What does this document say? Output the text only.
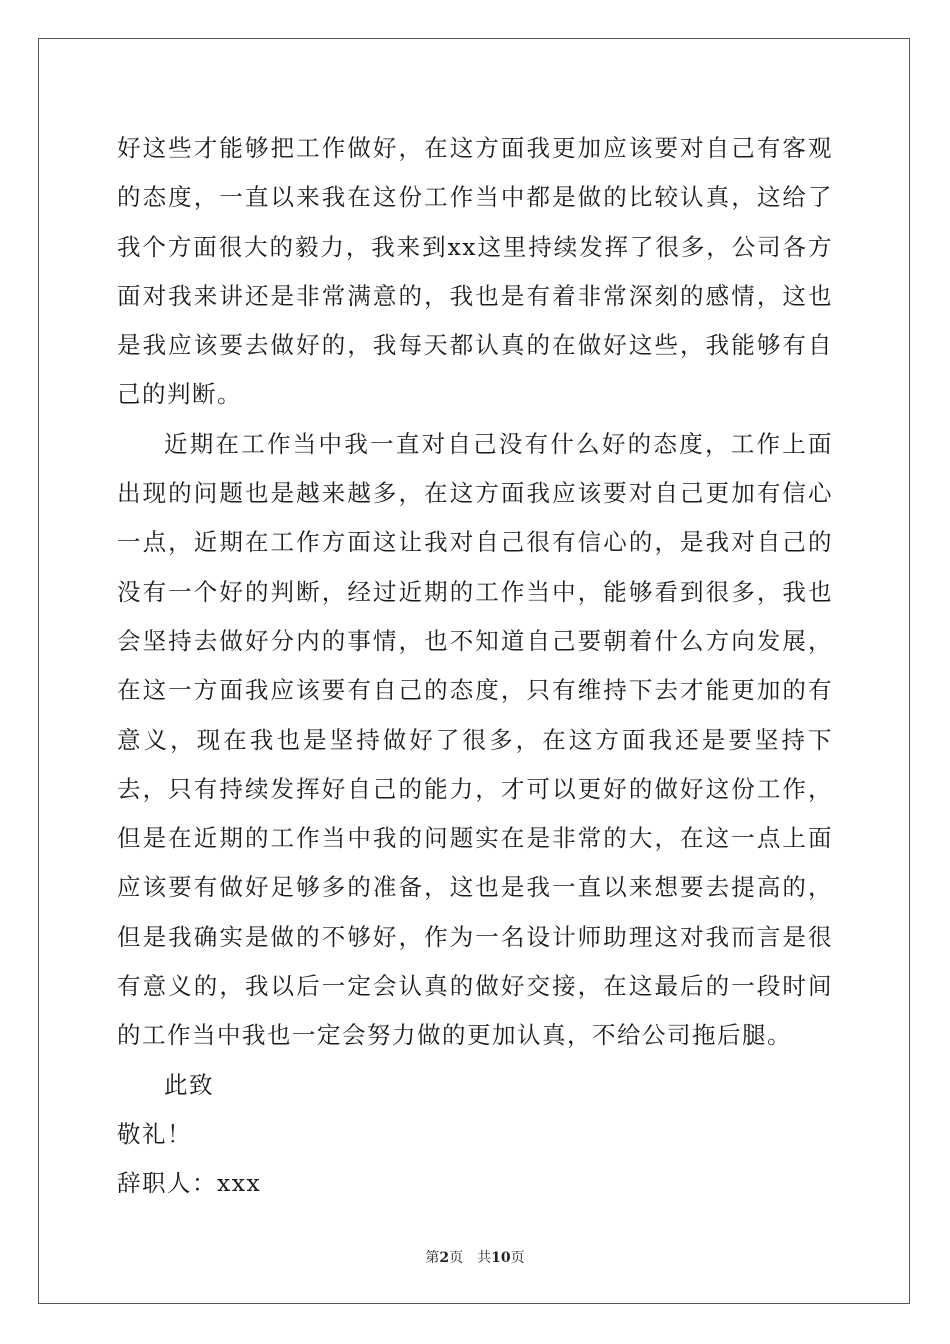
好这些才能够把工作做好，在这方面我更加应该要对自己有客观的态度，一直以来我在这份工作当中都是做的比较认真，这给了我个方面很大的毅力，我来到xx这里持续发挥了很多，公司各方面对我来讲还是非常满意的，我也是有着非常深刻的感情，这也是我应该要去做好的，我每天都认真的在做好这些，我能够有自己的判断。

近期在工作当中我一直对自己没有什么好的态度，工作上面出现的问题也是越来越多，在这方面我应该要对自己更加有信心一点，近期在工作方面这让我对自己很有信心的，是我对自己的没有一个好的判断，经过近期的工作当中，能够看到很多，我也会坚持去做好分内的事情，也不知道自己要朝着什么方向发展，在这一方面我应该要有自己的态度，只有维持下去才能更加的有意义，现在我也是坚持做好了很多，在这方面我还是要坚持下去，只有持续发挥好自己的能力，才可以更好的做好这份工作，但是在近期的工作当中我的问题实在是非常的大，在这一点上面应该要有做好足够多的准备，这也是我一直以来想要去提高的，但是我确实是做的不够好，作为一名设计师助理这对我而言是很有意义的，我以后一定会认真的做好交接，在这最后的一段时间的工作当中我也一定会努力做的更加认真，不给公司拖后腿。

此致

敬礼！

辞职人：xxx

第2页 共10页
